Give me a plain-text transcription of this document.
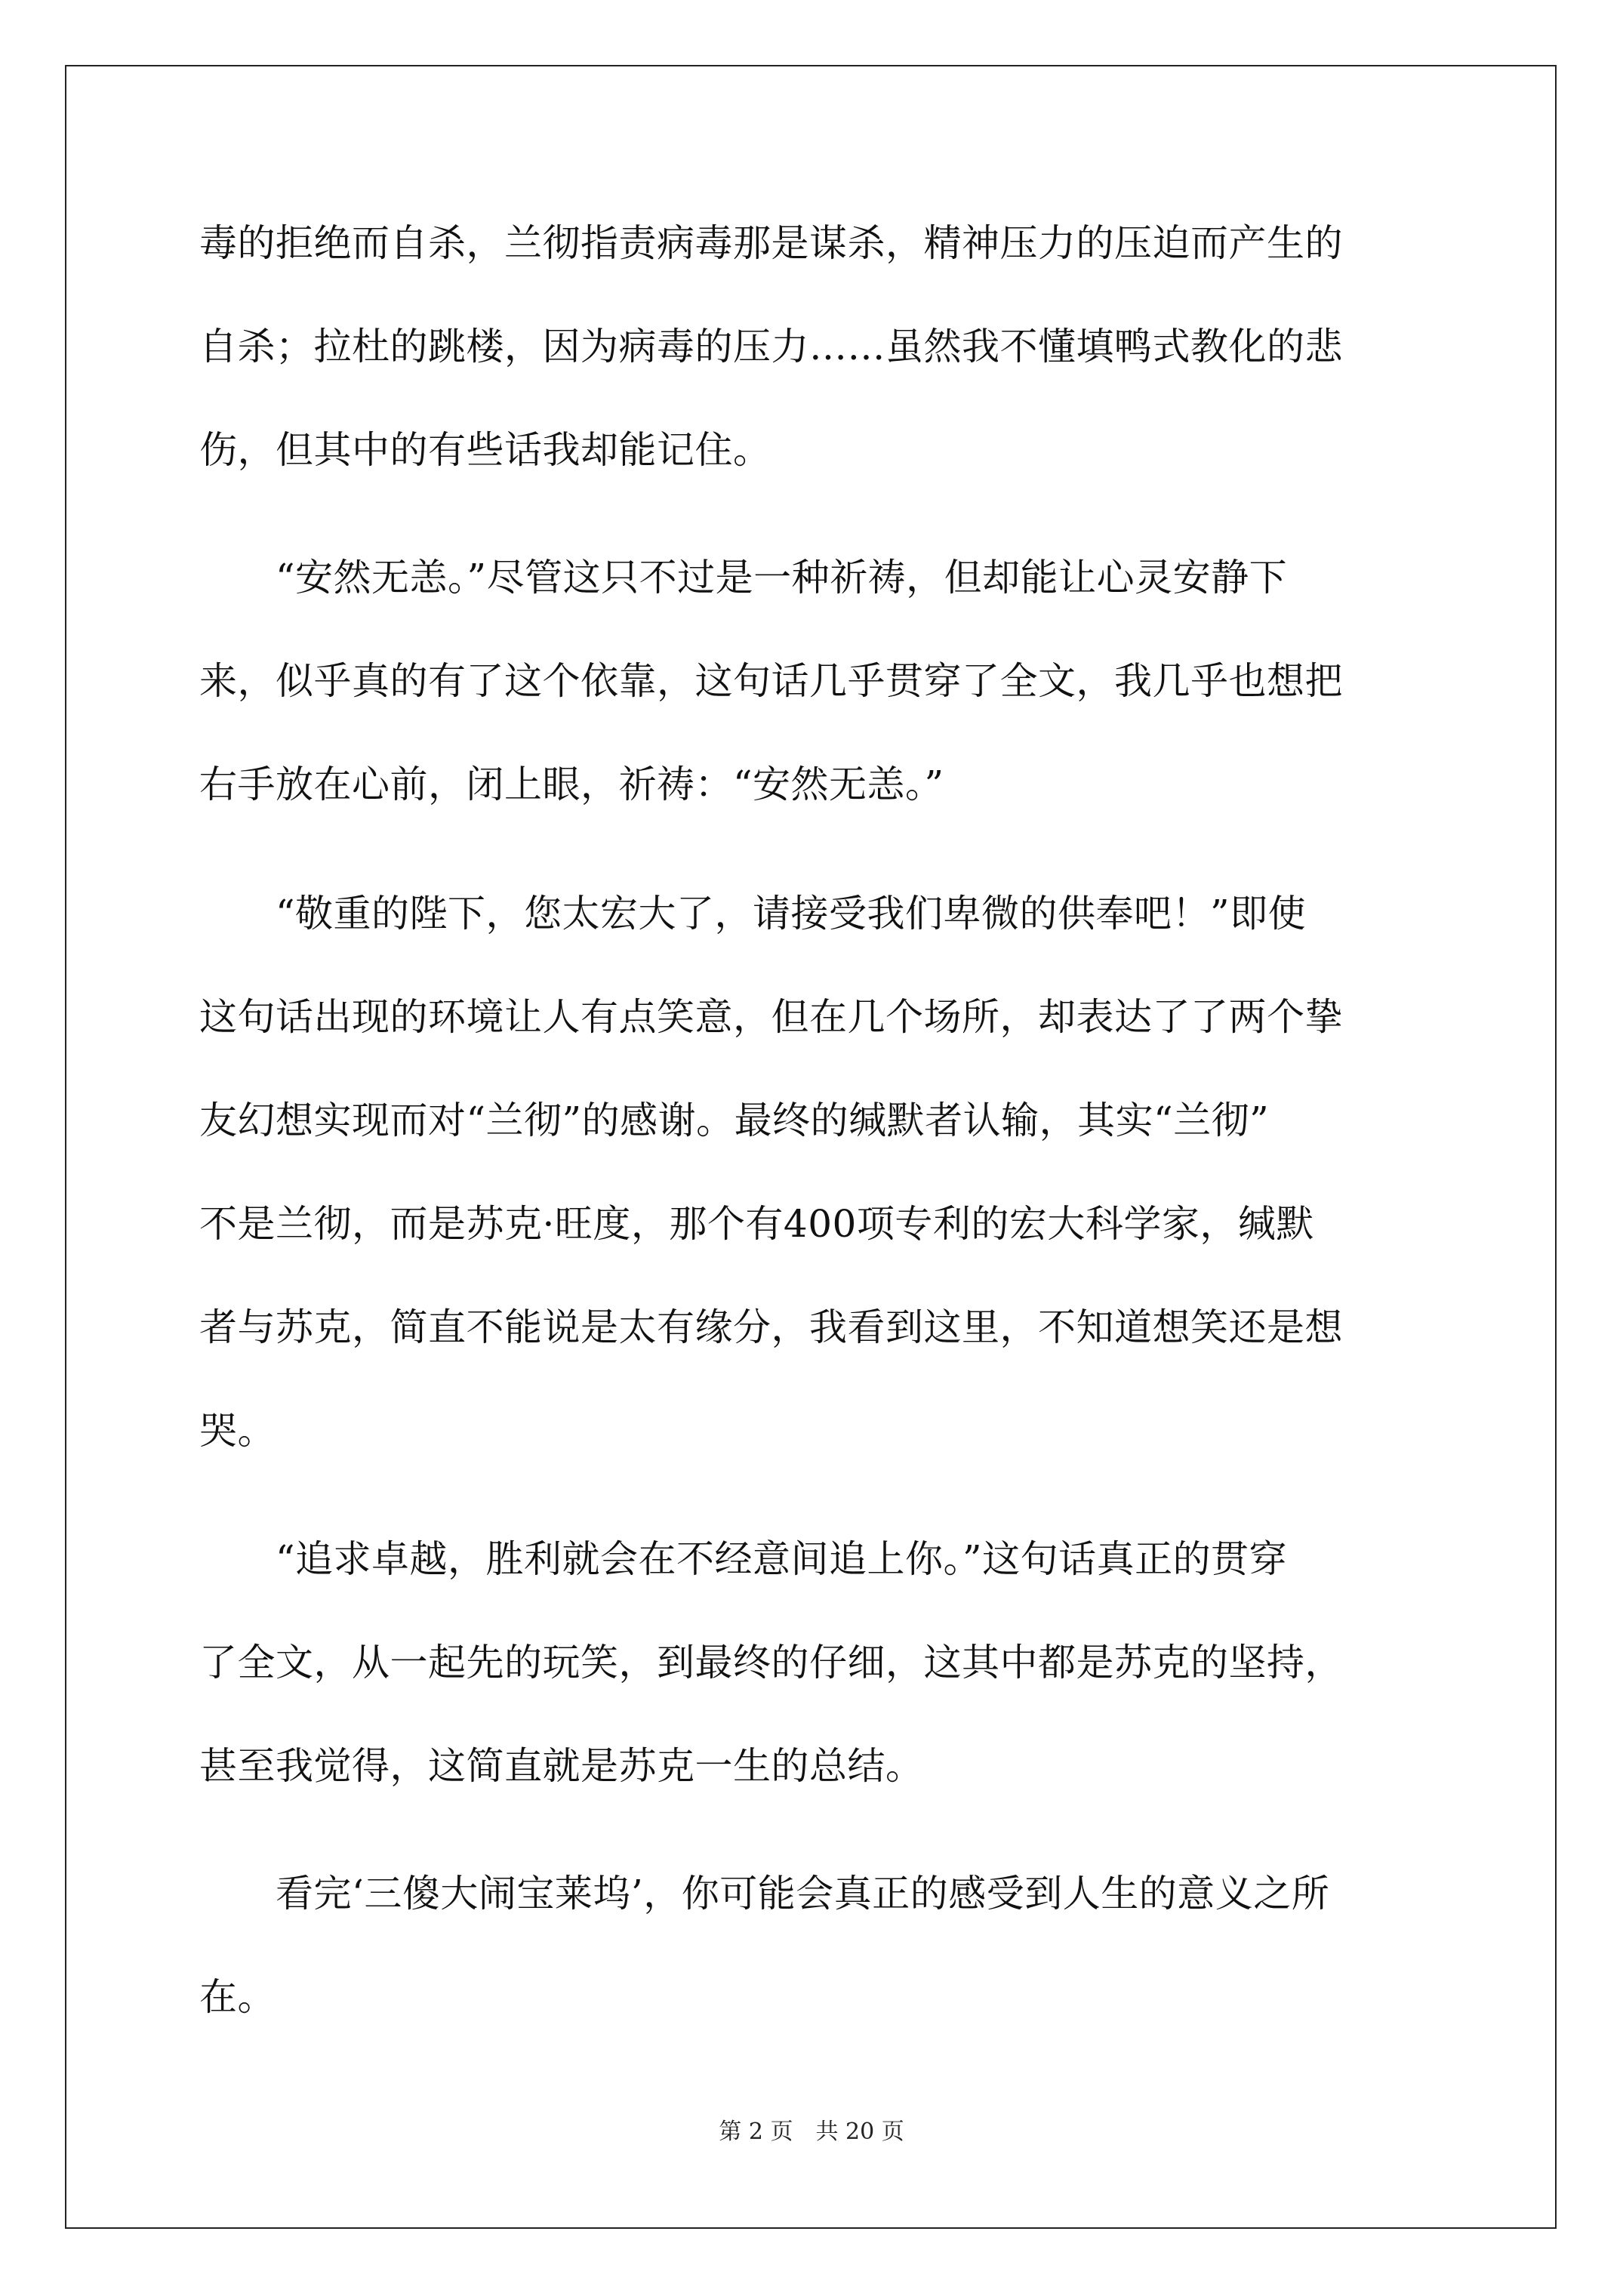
毒的拒绝而自杀，兰彻指责病毒那是谋杀，精神压力的压迫而产生的
自杀；拉杜的跳楼，因为病毒的压力……虽然我不懂填鸭式教化的悲
伤，但其中的有些话我却能记住。
　　“安然无恙。”尽管这只不过是一种祈祷，但却能让心灵安静下
来，似乎真的有了这个依靠，这句话几乎贯穿了全文，我几乎也想把
右手放在心前，闭上眼，祈祷：“安然无恙。”
　　“敬重的陛下，您太宏大了，请接受我们卑微的供奉吧！”即使
这句话出现的环境让人有点笑意，但在几个场所，却表达了了两个挚
友幻想实现而对“兰彻”的感谢。最终的缄默者认输，其实“兰彻”
不是兰彻，而是苏克·旺度，那个有400项专利的宏大科学家，缄默
者与苏克，简直不能说是太有缘分，我看到这里，不知道想笑还是想
哭。
　　“追求卓越，胜利就会在不经意间追上你。”这句话真正的贯穿
了全文，从一起先的玩笑，到最终的仔细，这其中都是苏克的坚持，
甚至我觉得，这简直就是苏克一生的总结。
　　看完‘三傻大闹宝莱坞’，你可能会真正的感受到人生的意义之所
在。
第 2 页　共 20 页
